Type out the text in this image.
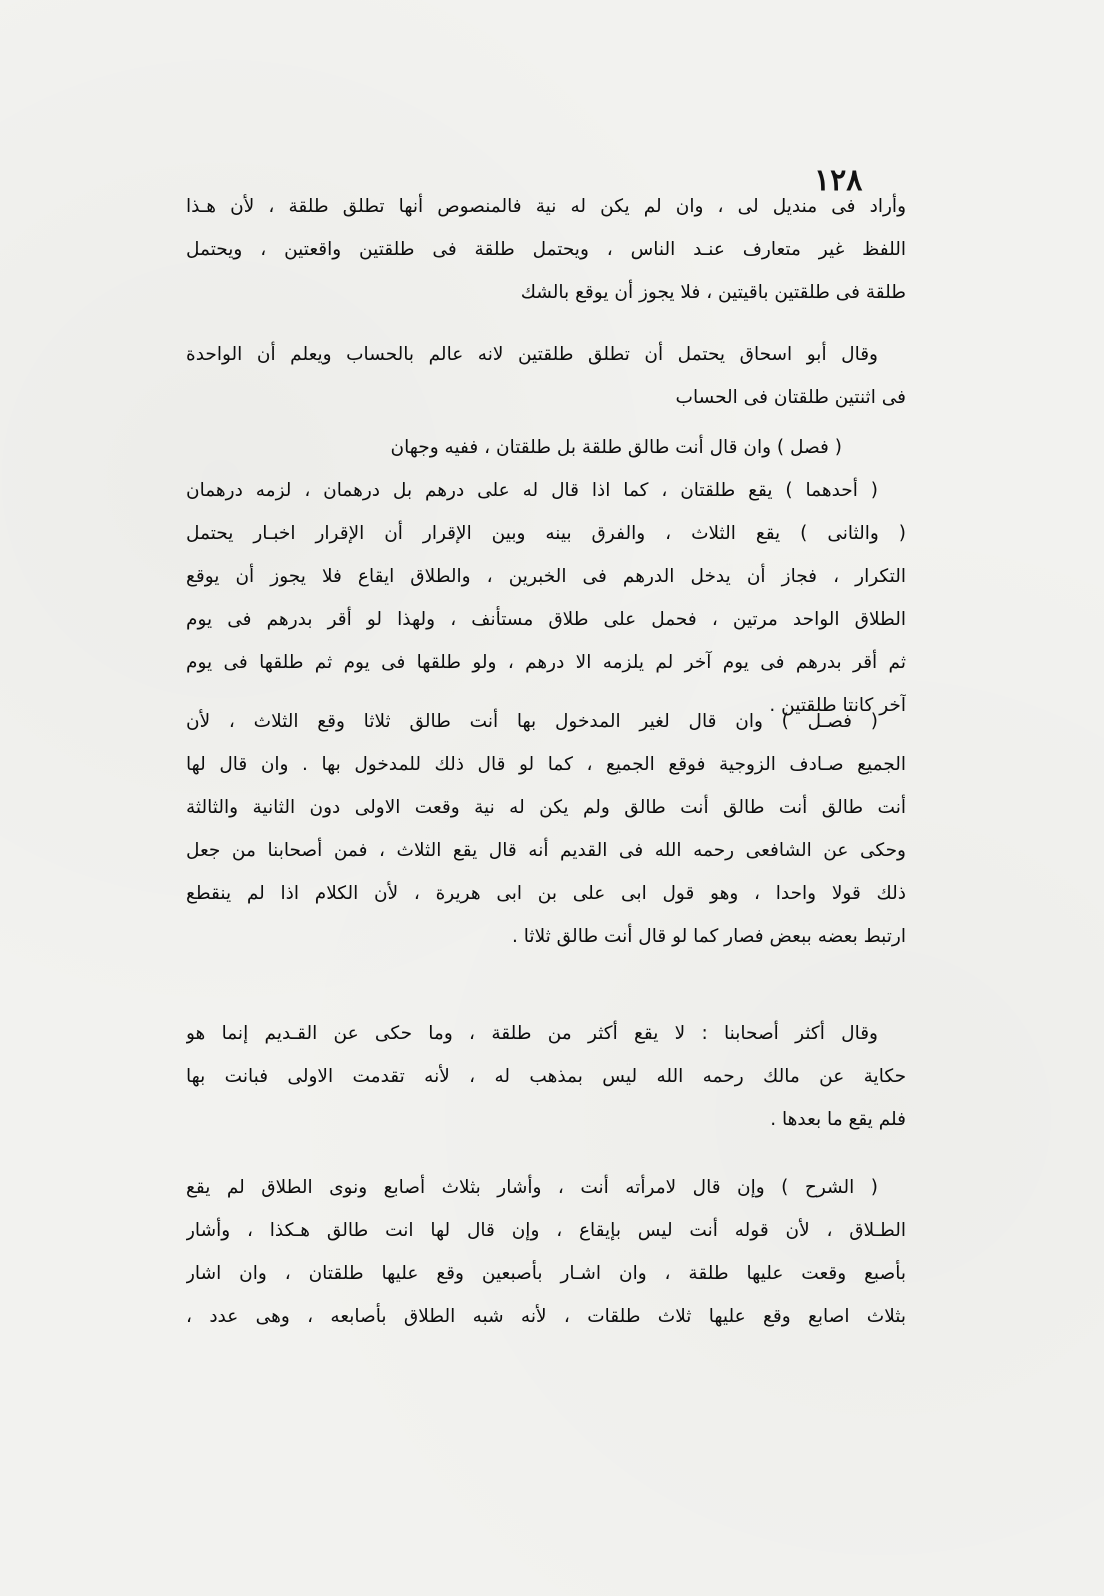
١٢٨
وأراد فى منديل لى ، وان لم يكن له نية فالمنصوص أنها تطلق طلقة ، لأن هـذا
اللفظ غير متعارف عنـد الناس ، ويحتمل طلقة فى طلقتين واقعتين ، ويحتمل
طلقة فى طلقتين باقيتين ، فلا يجوز أن يوقع بالشك
وقال أبو اسحاق يحتمل أن تطلق طلقتين لانه عالم بالحساب ويعلم أن الواحدة
فى اثنتين طلقتان فى الحساب
( فصل ) وان قال أنت طالق طلقة بل طلقتان ، ففيه وجهان
( أحدهما ) يقع طلقتان ، كما اذا قال له على درهم بل درهمان ، لزمه درهمان
( والثانى ) يقع الثلاث ، والفرق بينه وبين الإقرار أن الإقرار اخبـار يحتمل
التكرار ، فجاز أن يدخل الدرهم فى الخبرين ، والطلاق ايقاع فلا يجوز أن يوقع
الطلاق الواحد مرتين ، فحمل على طلاق مستأنف ، ولهذا لو أقر بدرهم فى يوم
ثم أقر بدرهم فى يوم آخر لم يلزمه الا درهم ، ولو طلقها فى يوم ثم طلقها فى يوم
آخر كانتا طلقتين .
( فصـل ) وان قال لغير المدخول بها أنت طالق ثلاثا وقع الثلاث ، لأن
الجميع صـادف الزوجية فوقع الجميع ، كما لو قال ذلك للمدخول بها . وان قال لها
أنت طالق أنت طالق أنت طالق ولم يكن له نية وقعت الاولى دون الثانية والثالثة
وحكى عن الشافعى رحمه الله فى القديم أنه قال يقع الثلاث ، فمن أصحابنا من جعل
ذلك قولا واحدا ، وهو قول ابى على بن ابى هريرة ، لأن الكلام اذا لم ينقطع
ارتبط بعضه ببعض فصار كما لو قال أنت طالق ثلاثا .
وقال أكثر أصحابنا : لا يقع أكثر من طلقة ، وما حكى عن القـديم إنما هو
حكاية عن مالك رحمه الله ليس بمذهب له ، لأنه تقدمت الاولى فبانت بها
فلم يقع ما بعدها .
( الشرح ) وإن قال لامرأته أنت ، وأشار بثلاث أصابع ونوى الطلاق لم يقع
الطـلاق ، لأن قوله أنت ليس بإيقاع ، وإن قال لها انت طالق هـكذا ، وأشار
بأصبع وقعت عليها طلقة ، وان اشـار بأصبعين وقع عليها طلقتان ، وان اشار
بثلاث اصابع وقع عليها ثلاث طلقات ، لأنه شبه الطلاق بأصابعه ، وهى عدد ،
